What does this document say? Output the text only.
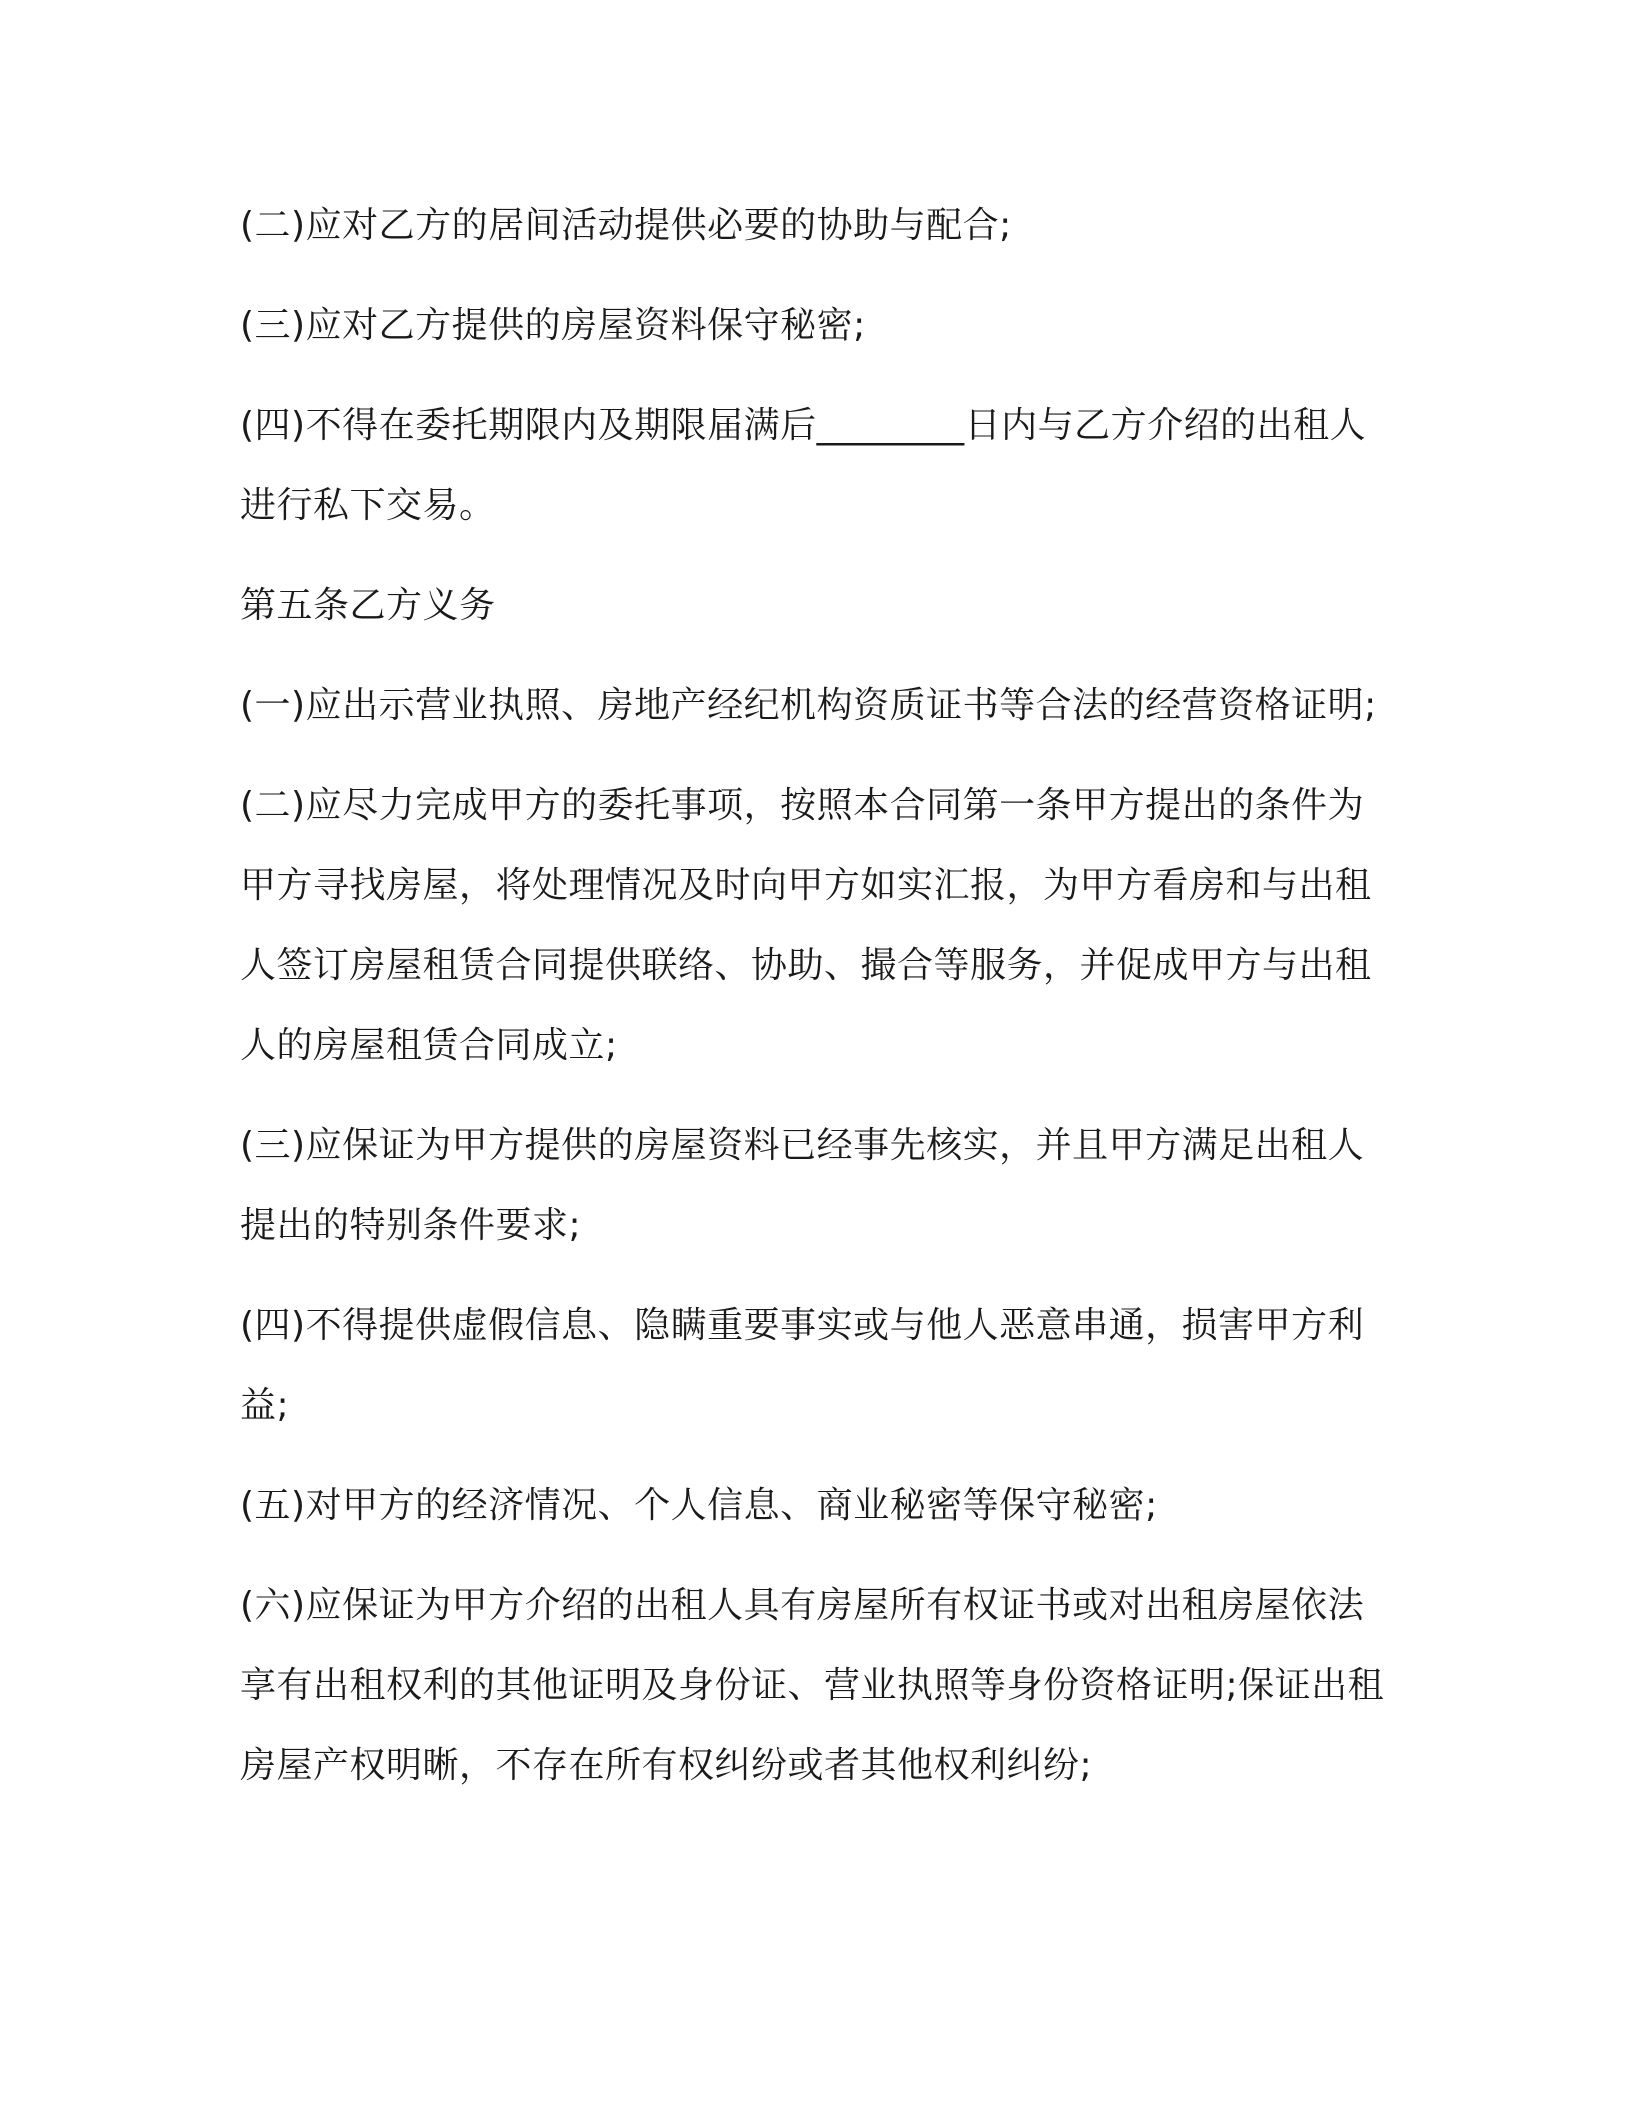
(二)应对乙方的居间活动提供必要的协助与配合;

(三)应对乙方提供的房屋资料保守秘密;

(四)不得在委托期限内及期限届满后________日内与乙方介绍的出租人进行私下交易。

第五条乙方义务

(一)应出示营业执照、房地产经纪机构资质证书等合法的经营资格证明;

(二)应尽力完成甲方的委托事项，按照本合同第一条甲方提出的条件为甲方寻找房屋，将处理情况及时向甲方如实汇报，为甲方看房和与出租人签订房屋租赁合同提供联络、协助、撮合等服务，并促成甲方与出租人的房屋租赁合同成立;

(三)应保证为甲方提供的房屋资料已经事先核实，并且甲方满足出租人提出的特别条件要求;

(四)不得提供虚假信息、隐瞒重要事实或与他人恶意串通，损害甲方利益;

(五)对甲方的经济情况、个人信息、商业秘密等保守秘密;

(六)应保证为甲方介绍的出租人具有房屋所有权证书或对出租房屋依法享有出租权利的其他证明及身份证、营业执照等身份资格证明;保证出租房屋产权明晰，不存在所有权纠纷或者其他权利纠纷;
